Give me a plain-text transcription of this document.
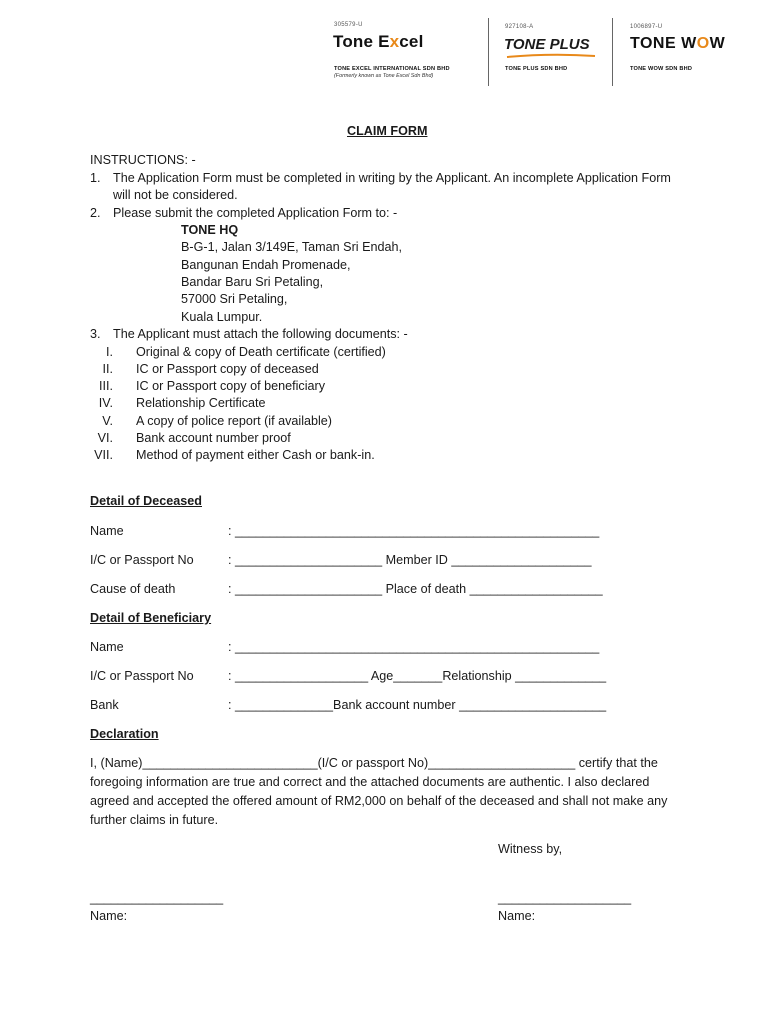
305579-U
Tone Excel
TONE EXCEL INTERNATIONAL SDN BHD
(Formerly known as Tone Excel Sdn Bhd)
927108-A
TONE PLUS
TONE PLUS SDN BHD
1006897-U
TONE WOW
TONE WOW SDN BHD
CLAIM FORM
INSTRUCTIONS: -
1. The Application Form must be completed in writing by the Applicant. An incomplete Application Form
will not be considered.
2. Please submit the completed Application Form to: -
TONE HQ
B-G-1, Jalan 3/149E, Taman Sri Endah,
Bangunan Endah Promenade,
Bandar Baru Sri Petaling,
57000 Sri Petaling,
Kuala Lumpur.
3. The Applicant must attach the following documents: -
I. Original & copy of Death certificate (certified)
II. IC or Passport copy of deceased
III. IC or Passport copy of beneficiary
IV. Relationship Certificate
V. A copy of police report (if available)
VI. Bank account number proof
VII. Method of payment either Cash or bank-in.
Detail of Deceased
Name	: ____________________________________________________
I/C or Passport No	: _____________________ Member ID ____________________
Cause of death	: _____________________ Place of death ___________________
Detail of Beneficiary
Name	: ____________________________________________________
I/C or Passport No	: ___________________ Age_______Relationship _____________
Bank	: ______________Bank account number _____________________
Declaration
I, (Name)_________________________(I/C or passport No)_____________________ certify that the
foregoing information are true and correct and the attached documents are authentic. I also declared
agreed and accepted the offered amount of RM2,000 on behalf of the deceased and shall not make any
further claims in future.
Witness by,
___________________
Name:
___________________
Name:
